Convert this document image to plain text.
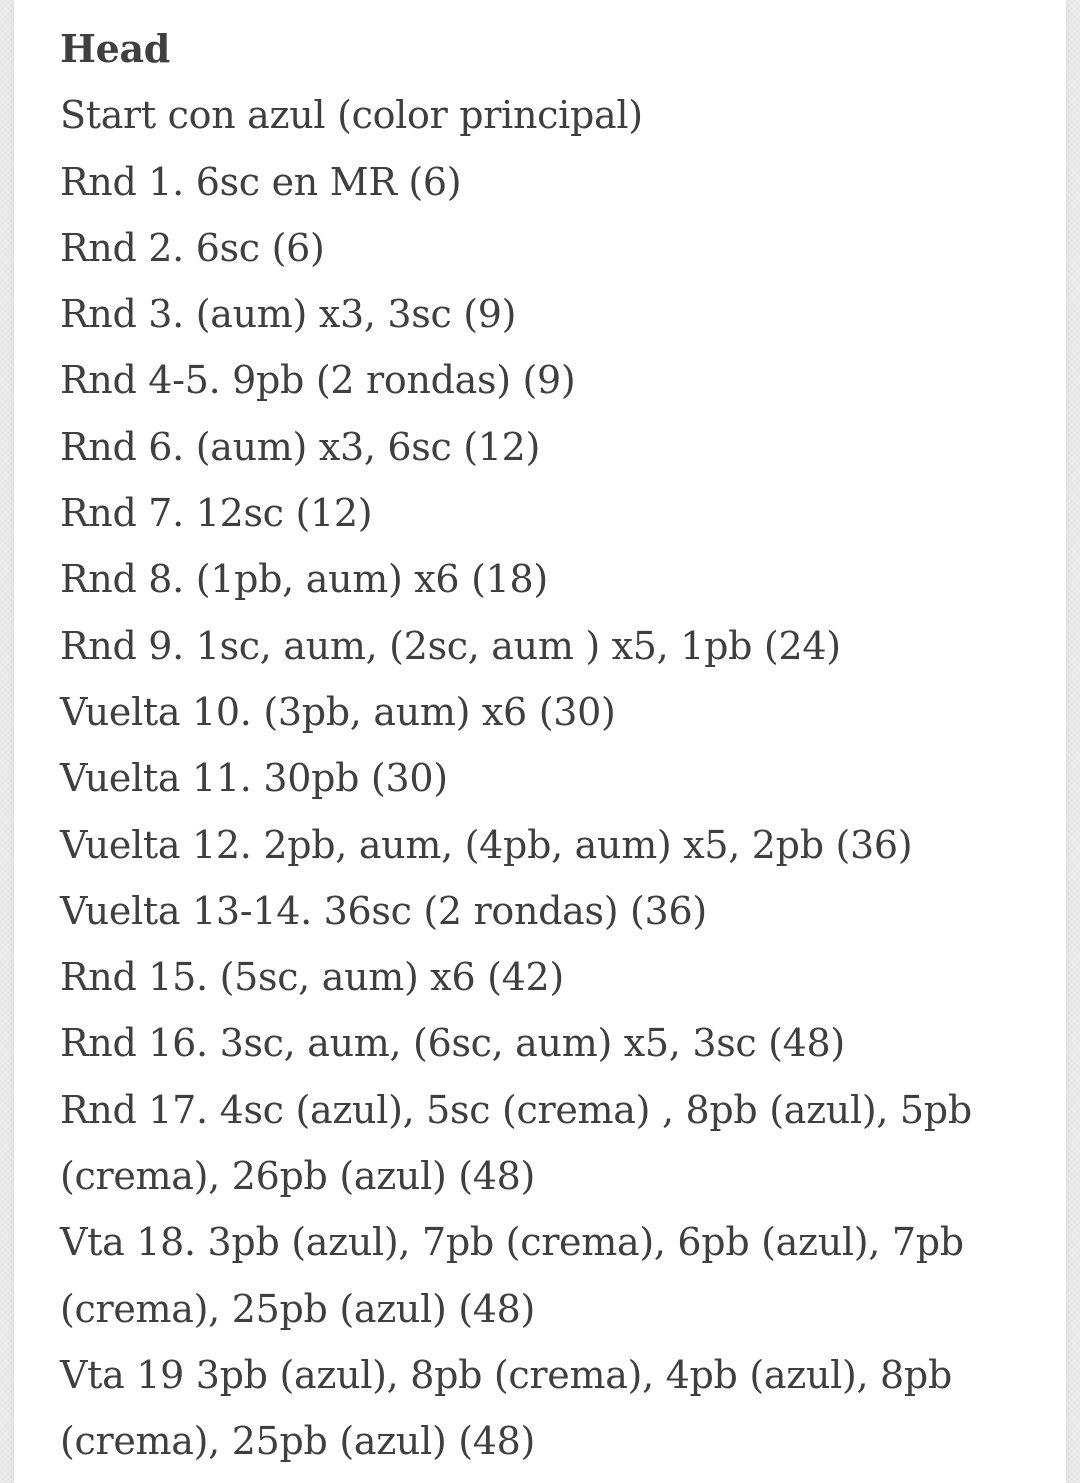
Head
Start con azul (color principal)
Rnd 1. 6sc en MR (6)
Rnd 2. 6sc (6)
Rnd 3. (aum) x3, 3sc (9)
Rnd 4-5. 9pb (2 rondas) (9)
Rnd 6. (aum) x3, 6sc (12)
Rnd 7. 12sc (12)
Rnd 8. (1pb, aum) x6 (18)
Rnd 9. 1sc, aum, (2sc, aum ) x5, 1pb (24)
Vuelta 10. (3pb, aum) x6 (30)
Vuelta 11. 30pb (30)
Vuelta 12. 2pb, aum, (4pb, aum) x5, 2pb (36)
Vuelta 13-14. 36sc (2 rondas) (36)
Rnd 15. (5sc, aum) x6 (42)
Rnd 16. 3sc, aum, (6sc, aum) x5, 3sc (48)
Rnd 17. 4sc (azul), 5sc (crema) , 8pb (azul), 5pb
(crema), 26pb (azul) (48)
Vta 18. 3pb (azul), 7pb (crema), 6pb (azul), 7pb
(crema), 25pb (azul) (48)
Vta 19 3pb (azul), 8pb (crema), 4pb (azul), 8pb
(crema), 25pb (azul) (48)
